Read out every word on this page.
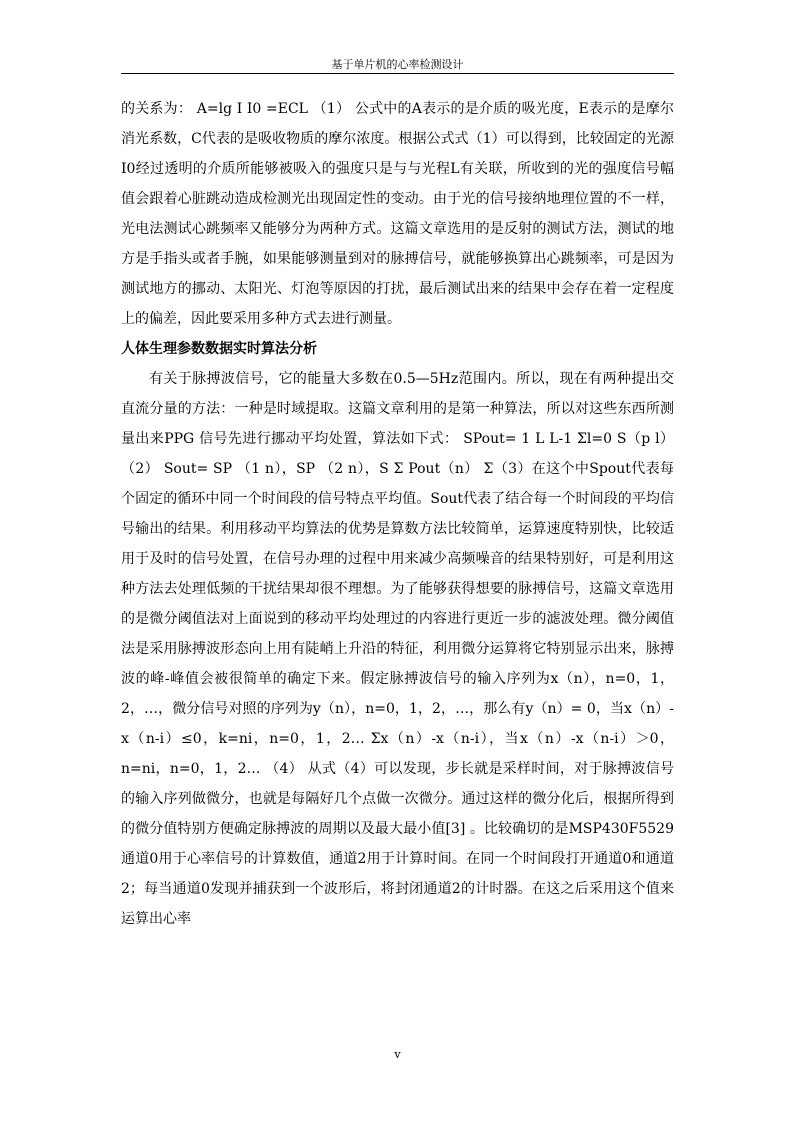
基于单片机的心率检测设计

的关系为： A=lg I I0 =ECL （1） 公式中的A表示的是介质的吸光度，E表示的是摩尔消光系数，C代表的是吸收物质的摩尔浓度。根据公式式（1）可以得到，比较固定的光源I0经过透明的介质所能够被吸入的强度只是与与光程L有关联，所收到的光的强度信号幅值会跟着心脏跳动造成检测光出现固定性的变动。由于光的信号接纳地理位置的不一样，光电法测试心跳频率又能够分为两种方式。这篇文章选用的是反射的测试方法，测试的地方是手指头或者手腕，如果能够测量到对的脉搏信号，就能够换算出心跳频率，可是因为测试地方的挪动、太阳光、灯泡等原因的打扰，最后测试出来的结果中会存在着一定程度上的偏差，因此要采用多种方式去进行测量。

人体生理参数数据实时算法分析

有关于脉搏波信号，它的能量大多数在0.5—5Hz范围内。所以，现在有两种提出交直流分量的方法：一种是时域提取。这篇文章利用的是第一种算法，所以对这些东西所测量出来PPG 信号先进行挪动平均处置，算法如下式： SPout= 1 L L-1 Σl=0 S（p l） （2） Sout= SP （1 n），SP （2 n），S Σ Pout（n） Σ（3）在这个中Spout代表每个固定的循环中同一个时间段的信号特点平均值。Sout代表了结合每一个时间段的平均信号输出的结果。利用移动平均算法的优势是算数方法比较简单，运算速度特别快，比较适用于及时的信号处置，在信号办理的过程中用来减少高频噪音的结果特别好，可是利用这种方法去处理低频的干扰结果却很不理想。为了能够获得想要的脉搏信号，这篇文章选用的是微分阈值法对上面说到的移动平均处理过的内容进行更近一步的滤波处理。微分阈值法是采用脉搏波形态向上用有陡峭上升沿的特征，利用微分运算将它特别显示出来，脉搏波的峰-峰值会被很简单的确定下来。假定脉搏波信号的输入序列为x（n），n=0，1，2，…，微分信号对照的序列为y（n），n=0，1，2，…，那么有y（n）= 0，当x（n）-x（n-i）≤0，k=ni，n=0，1，2… Σx（n）-x（n-i），当x（n）-x（n-i）＞0，n=ni，n=0，1，2… （4） 从式（4）可以发现，步长就是采样时间，对于脉搏波信号的输入序列做微分，也就是每隔好几个点做一次微分。通过这样的微分化后，根据所得到的微分值特别方便确定脉搏波的周期以及最大最小值[3] 。比较确切的是MSP430F5529通道0用于心率信号的计算数值，通道2用于计算时间。在同一个时间段打开通道0和通道2；每当通道0发现并捕获到一个波形后，将封闭通道2的计时器。在这之后采用这个值来运算出心率

v
